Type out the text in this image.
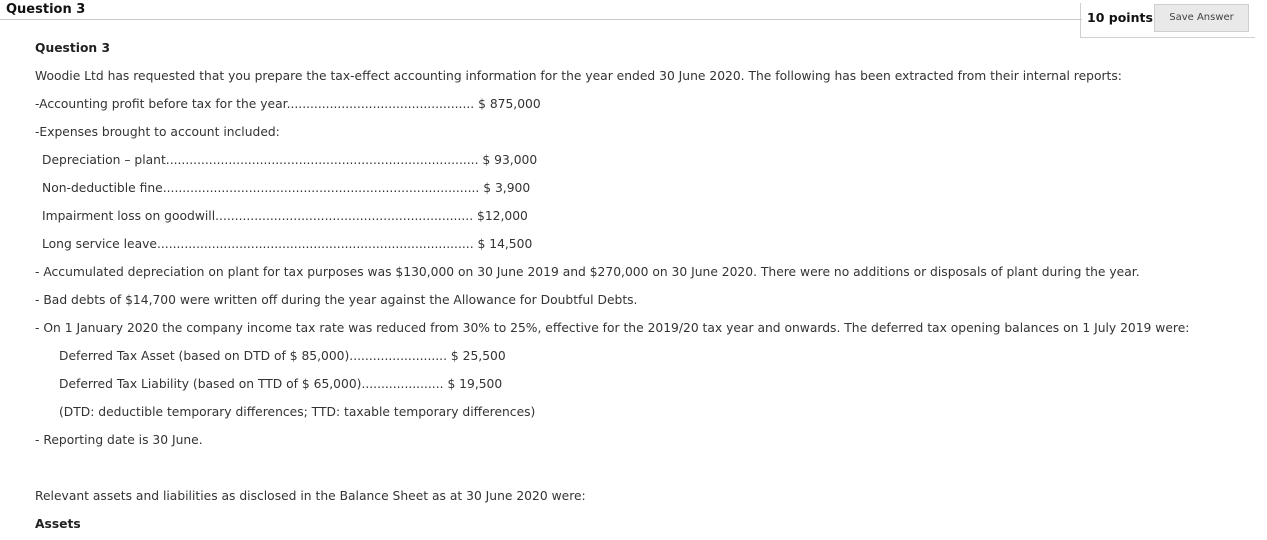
Question 3
10 points	Save Answer
Question 3
Woodie Ltd has requested that you prepare the tax-effect accounting information for the year ended 30 June 2020. The following has been extracted from their internal reports:
-Accounting profit before tax for the year................................................ $ 875,000
-Expenses brought to account included:
Depreciation – plant................................................................................ $ 93,000
Non-deductible fine................................................................................. $ 3,900
Impairment loss on goodwill.................................................................. $12,000
Long service leave................................................................................. $ 14,500
- Accumulated depreciation on plant for tax purposes was $130,000 on 30 June 2019 and $270,000 on 30 June 2020. There were no additions or disposals of plant during the year.
- Bad debts of $14,700 were written off during the year against the Allowance for Doubtful Debts.
- On 1 January 2020 the company income tax rate was reduced from 30% to 25%, effective for the 2019/20 tax year and onwards. The deferred tax opening balances on 1 July 2019 were:
Deferred Tax Asset (based on DTD of $ 85,000)......................... $ 25,500
Deferred Tax Liability (based on TTD of $ 65,000)..................... $ 19,500
(DTD: deductible temporary differences; TTD: taxable temporary differences)
- Reporting date is 30 June.
Relevant assets and liabilities as disclosed in the Balance Sheet as at 30 June 2020 were:
Assets
